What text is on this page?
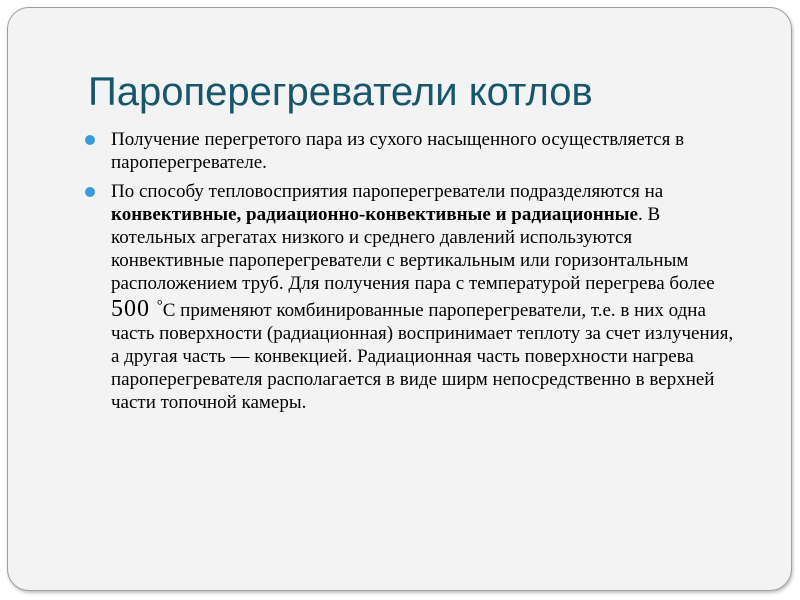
Пароперегреватели котлов
Получение перегретого пара из сухого насыщенного осуществляется в пароперегревателе.
По способу тепловосприятия пароперегреватели подразделяются на конвективные, радиационно-конвективные и радиационные. В котельных агрегатах низкого и среднего давлений используются конвективные пароперегреватели с вертикальным или горизонтальным расположением труб. Для получения пара с температурой перегрева более 500 °С применяют комбинированные пароперегреватели, т.е. в них одна часть поверхности (радиационная) воспринимает теплоту за счет излучения, а другая часть — конвекцией. Радиационная часть поверхности нагрева пароперегревателя располагается в виде ширм непосредственно в верхней части топочной камеры.
